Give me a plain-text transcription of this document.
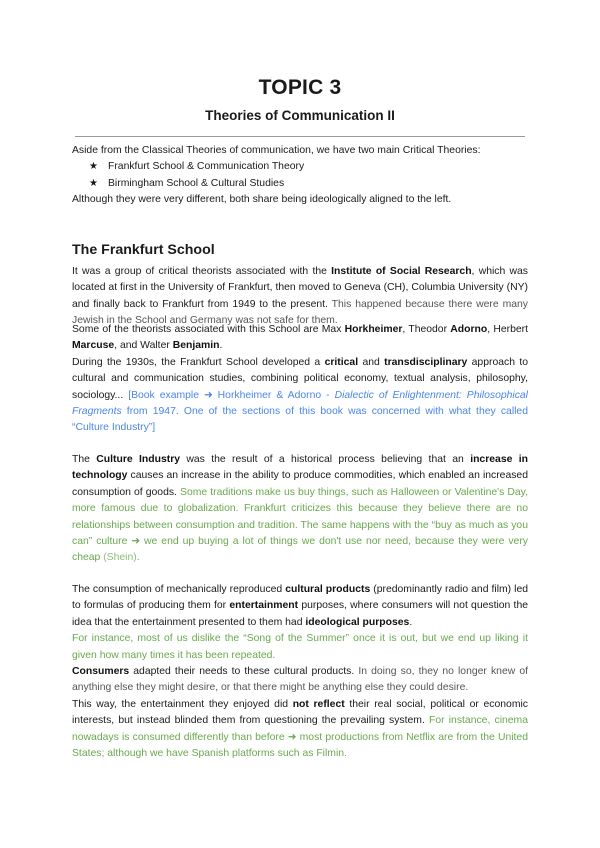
TOPIC 3
Theories of Communication II

Aside from the Classical Theories of communication, we have two main Critical Theories:

★ Frankfurt School & Communication Theory
★ Birmingham School & Cultural Studies

Although they were very different, both share being ideologically aligned to the left.

The Frankfurt School

It was a group of critical theorists associated with the Institute of Social Research, which was located at first in the University of Frankfurt, then moved to Geneva (CH), Columbia University (NY) and finally back to Frankfurt from 1949 to the present. This happened because there were many Jewish in the School and Germany was not safe for them.

Some of the theorists associated with this School are Max Horkheimer, Theodor Adorno, Herbert Marcuse, and Walter Benjamin.

During the 1930s, the Frankfurt School developed a critical and transdisciplinary approach to cultural and communication studies, combining political economy, textual analysis, philosophy, sociology... [Book example ➜ Horkheimer & Adorno - Dialectic of Enlightenment: Philosophical Fragments from 1947. One of the sections of this book was concerned with what they called “Culture Industry”]

The Culture Industry was the result of a historical process believing that an increase in technology causes an increase in the ability to produce commodities, which enabled an increased consumption of goods. Some traditions make us buy things, such as Halloween or Valentine's Day, more famous due to globalization. Frankfurt criticizes this because they believe there are no relationships between consumption and tradition. The same happens with the “buy as much as you can” culture ➜ we end up buying a lot of things we don't use nor need, because they were very cheap (Shein).

The consumption of mechanically reproduced cultural products (predominantly radio and film) led to formulas of producing them for entertainment purposes, where consumers will not question the idea that the entertainment presented to them had ideological purposes.

For instance, most of us dislike the “Song of the Summer” once it is out, but we end up liking it given how many times it has been repeated.

Consumers adapted their needs to these cultural products. In doing so, they no longer knew of anything else they might desire, or that there might be anything else they could desire.

This way, the entertainment they enjoyed did not reflect their real social, political or economic interests, but instead blinded them from questioning the prevailing system. For instance, cinema nowadays is consumed differently than before ➜ most productions from Netflix are from the United States; although we have Spanish platforms such as Filmin.
